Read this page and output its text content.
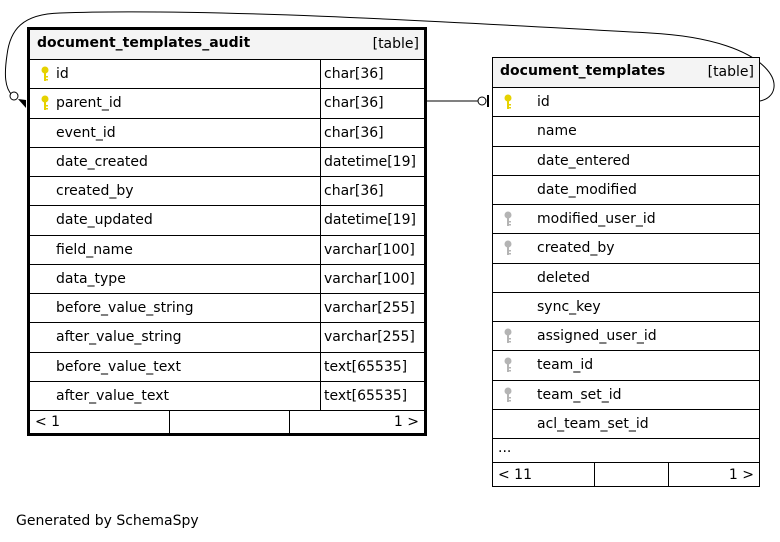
document_templates_audit	[table]
id	char[36]
parent_id	char[36]
event_id	char[36]
date_created	datetime[19]
created_by	char[36]
date_updated	datetime[19]
field_name	varchar[100]
data_type	varchar[100]
before_value_string	varchar[255]
after_value_string	varchar[255]
before_value_text	text[65535]
after_value_text	text[65535]
< 1	1 >
document_templates	[table]
id
name
date_entered
date_modified
modified_user_id
created_by
deleted
sync_key
assigned_user_id
team_id
team_set_id
acl_team_set_id
...
< 11	1 >
Generated by SchemaSpy
